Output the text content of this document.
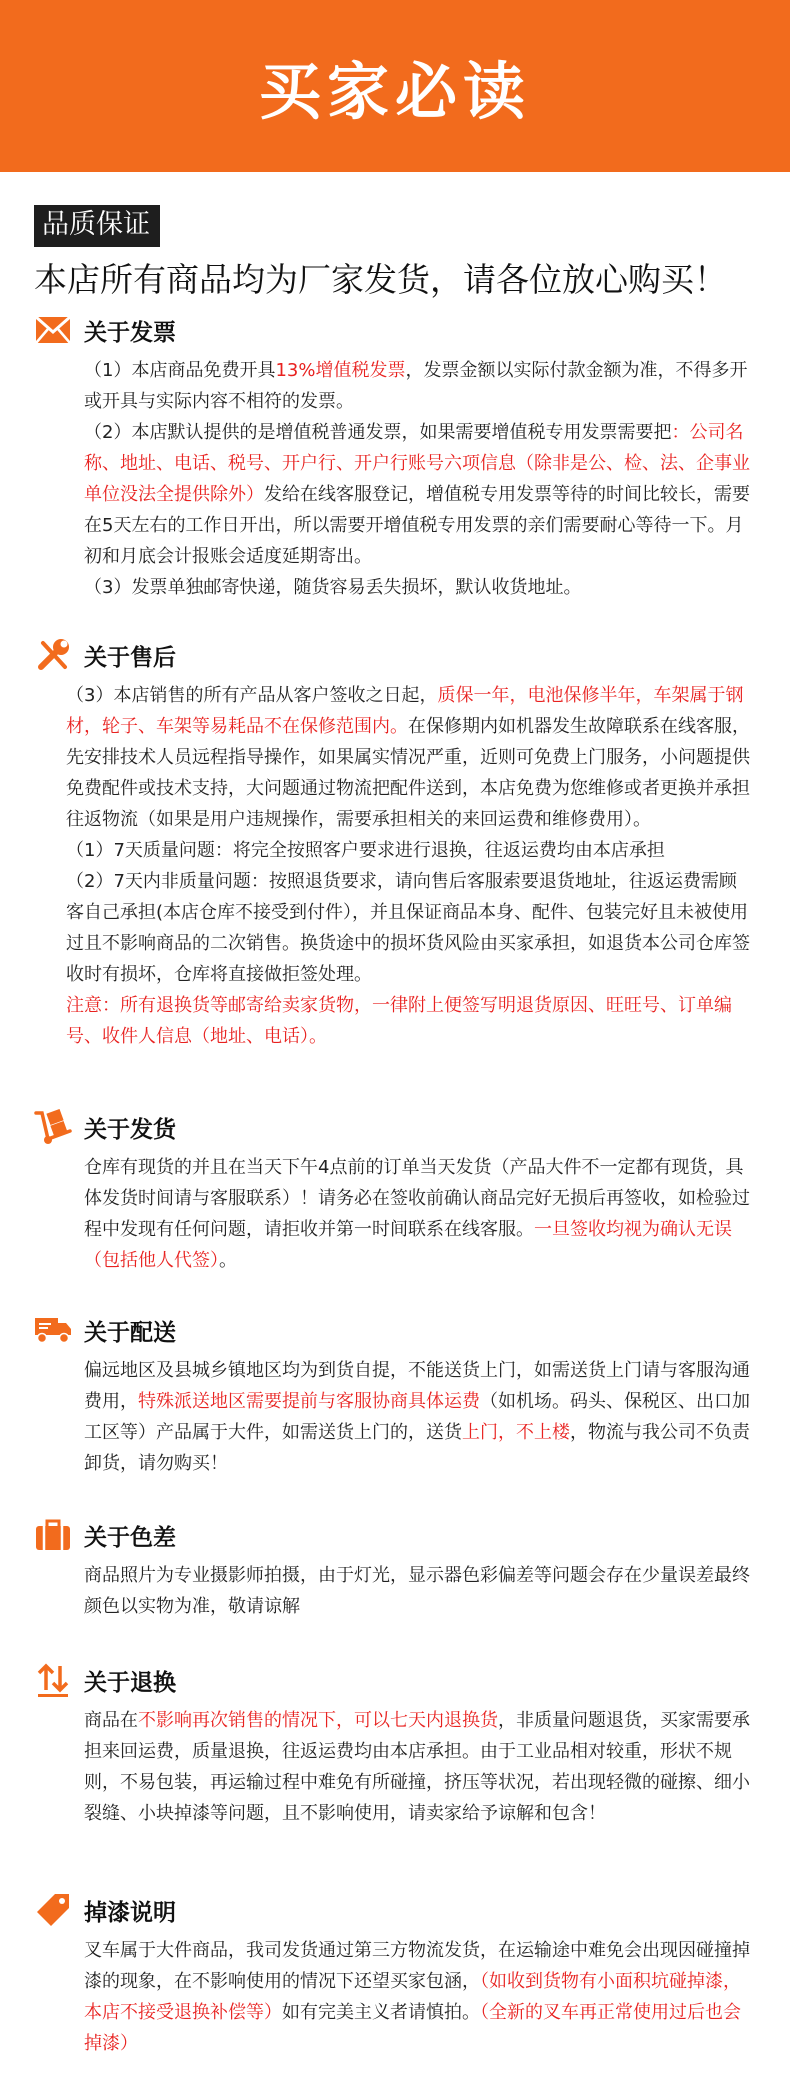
买家必读
品质保证
本店所有商品均为厂家发货，请各位放心购买！
关于发票

（1）本店商品免费开具13%增值税发票，发票金额以实际付款金额为准，不得多开或开具与实际内容不相符的发票。

（2）本店默认提供的是增值税普通发票，如果需要增值税专用发票需要把：公司名称、地址、电话、税号、开户行、开户行账号六项信息（除非是公、检、法、企事业单位没法全提供除外）发给在线客服登记，增值税专用发票等待的时间比较长，需要在5天左右的工作日开出，所以需要开增值税专用发票的亲们需要耐心等待一下。月初和月底会计报账会适度延期寄出。

（3）发票单独邮寄快递，随货容易丢失损坏，默认收货地址。

关于售后

（3）本店销售的所有产品从客户签收之日起，质保一年，电池保修半年，车架属于钢材，轮子、车架等易耗品不在保修范围内。在保修期内如机器发生故障联系在线客服，先安排技术人员远程指导操作，如果属实情况严重，近则可免费上门服务，小问题提供免费配件或技术支持，大问题通过物流把配件送到，本店免费为您维修或者更换并承担往返物流（如果是用户违规操作，需要承担相关的来回运费和维修费用）。

（1）7天质量问题：将完全按照客户要求进行退换，往返运费均由本店承担

（2）7天内非质量问题：按照退货要求，请向售后客服索要退货地址，往返运费需顾客自己承担(本店仓库不接受到付件），并且保证商品本身、配件、包装完好且未被使用过且不影响商品的二次销售。换货途中的损坏货风险由买家承担，如退货本公司仓库签收时有损坏，仓库将直接做拒签处理。

注意：所有退换货等邮寄给卖家货物，一律附上便签写明退货原因、旺旺号、订单编号、收件人信息（地址、电话）。

关于发货

仓库有现货的并且在当天下午4点前的订单当天发货（产品大件不一定都有现货，具体发货时间请与客服联系）！请务必在签收前确认商品完好无损后再签收，如检验过程中发现有任何问题，请拒收并第一时间联系在线客服。一旦签收均视为确认无误（包括他人代签）。

关于配送

偏远地区及县城乡镇地区均为到货自提，不能送货上门，如需送货上门请与客服沟通费用，特殊派送地区需要提前与客服协商具体运费（如机场。码头、保税区、出口加工区等）产品属于大件，如需送货上门的，送货上门，不上楼，物流与我公司不负责卸货，请勿购买！

关于色差

商品照片为专业摄影师拍摄，由于灯光，显示器色彩偏差等问题会存在少量误差最终颜色以实物为准，敬请谅解

关于退换

商品在不影响再次销售的情况下，可以七天内退换货，非质量问题退货，买家需要承担来回运费，质量退换，往返运费均由本店承担。由于工业品相对较重，形状不规则，不易包装，再运输过程中难免有所碰撞，挤压等状况，若出现轻微的碰擦、细小裂缝、小块掉漆等问题，且不影响使用，请卖家给予谅解和包含！

掉漆说明

叉车属于大件商品，我司发货通过第三方物流发货，在运输途中难免会出现因碰撞掉漆的现象，在不影响使用的情况下还望买家包涵，（如收到货物有小面积坑碰掉漆，本店不接受退换补偿等）如有完美主义者请慎拍。（全新的叉车再正常使用过后也会掉漆）
